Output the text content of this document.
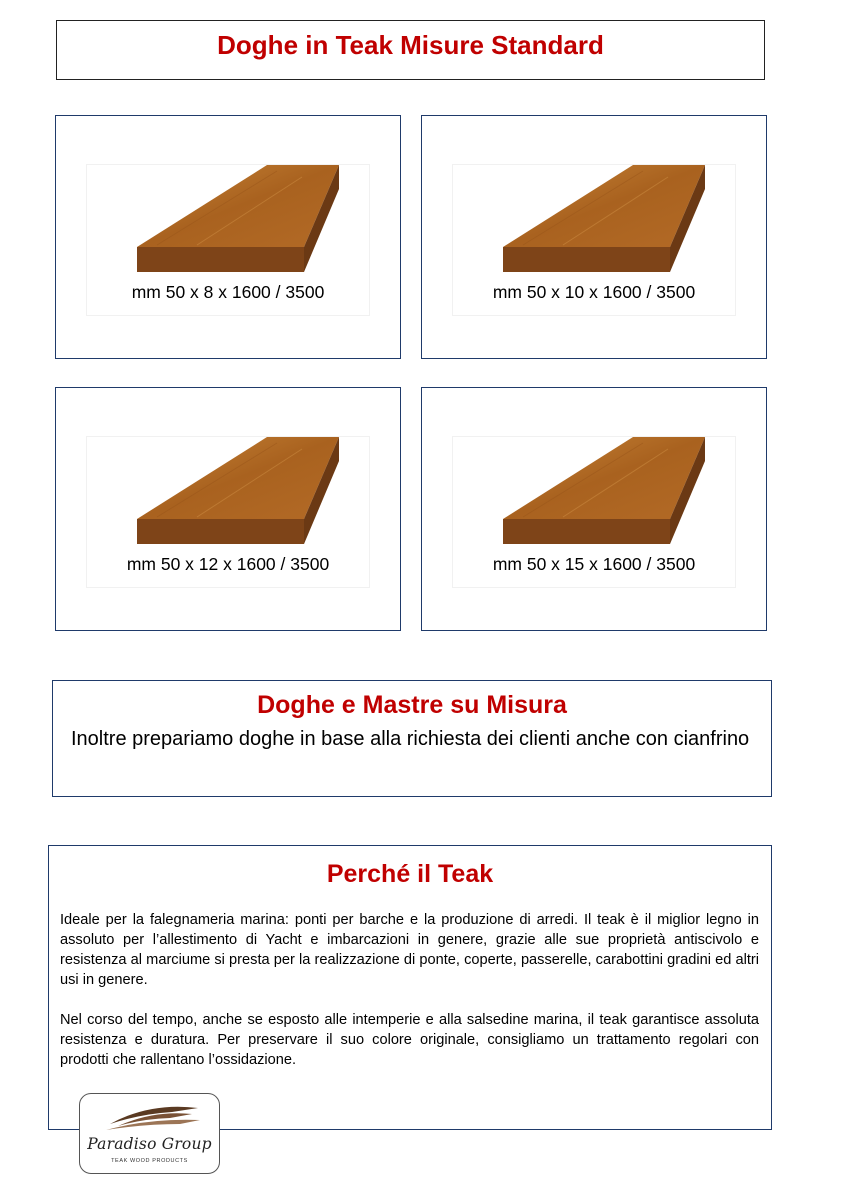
Doghe in Teak Misure Standard
mm 50 x 8 x 1600 / 3500	mm 50 x 10 x 1600 / 3500
mm 50 x 12 x 1600 / 3500	mm 50 x 15 x 1600 / 3500
Doghe e Mastre su Misura

Inoltre prepariamo doghe in base alla richiesta dei clienti anche con cianfrino

Perché il Teak

Ideale per la falegnameria marina: ponti per barche e la produzione di arredi. Il teak è il miglior legno in assoluto per l’allestimento di Yacht e imbarcazioni in genere, grazie alle sue proprietà antiscivolo e resistenza al marciume si presta per la realizzazione di ponte, coperte, passerelle, carabottini gradini ed altri usi in genere.

Nel corso del tempo, anche se esposto alle intemperie e alla salsedine marina, il teak garantisce assoluta resistenza e duratura. Per preservare il suo colore originale, consigliamo un trattamento regolari con prodotti che rallentano l’ossidazione.

Paradiso Group
TEAK WOOD PRODUCTS
